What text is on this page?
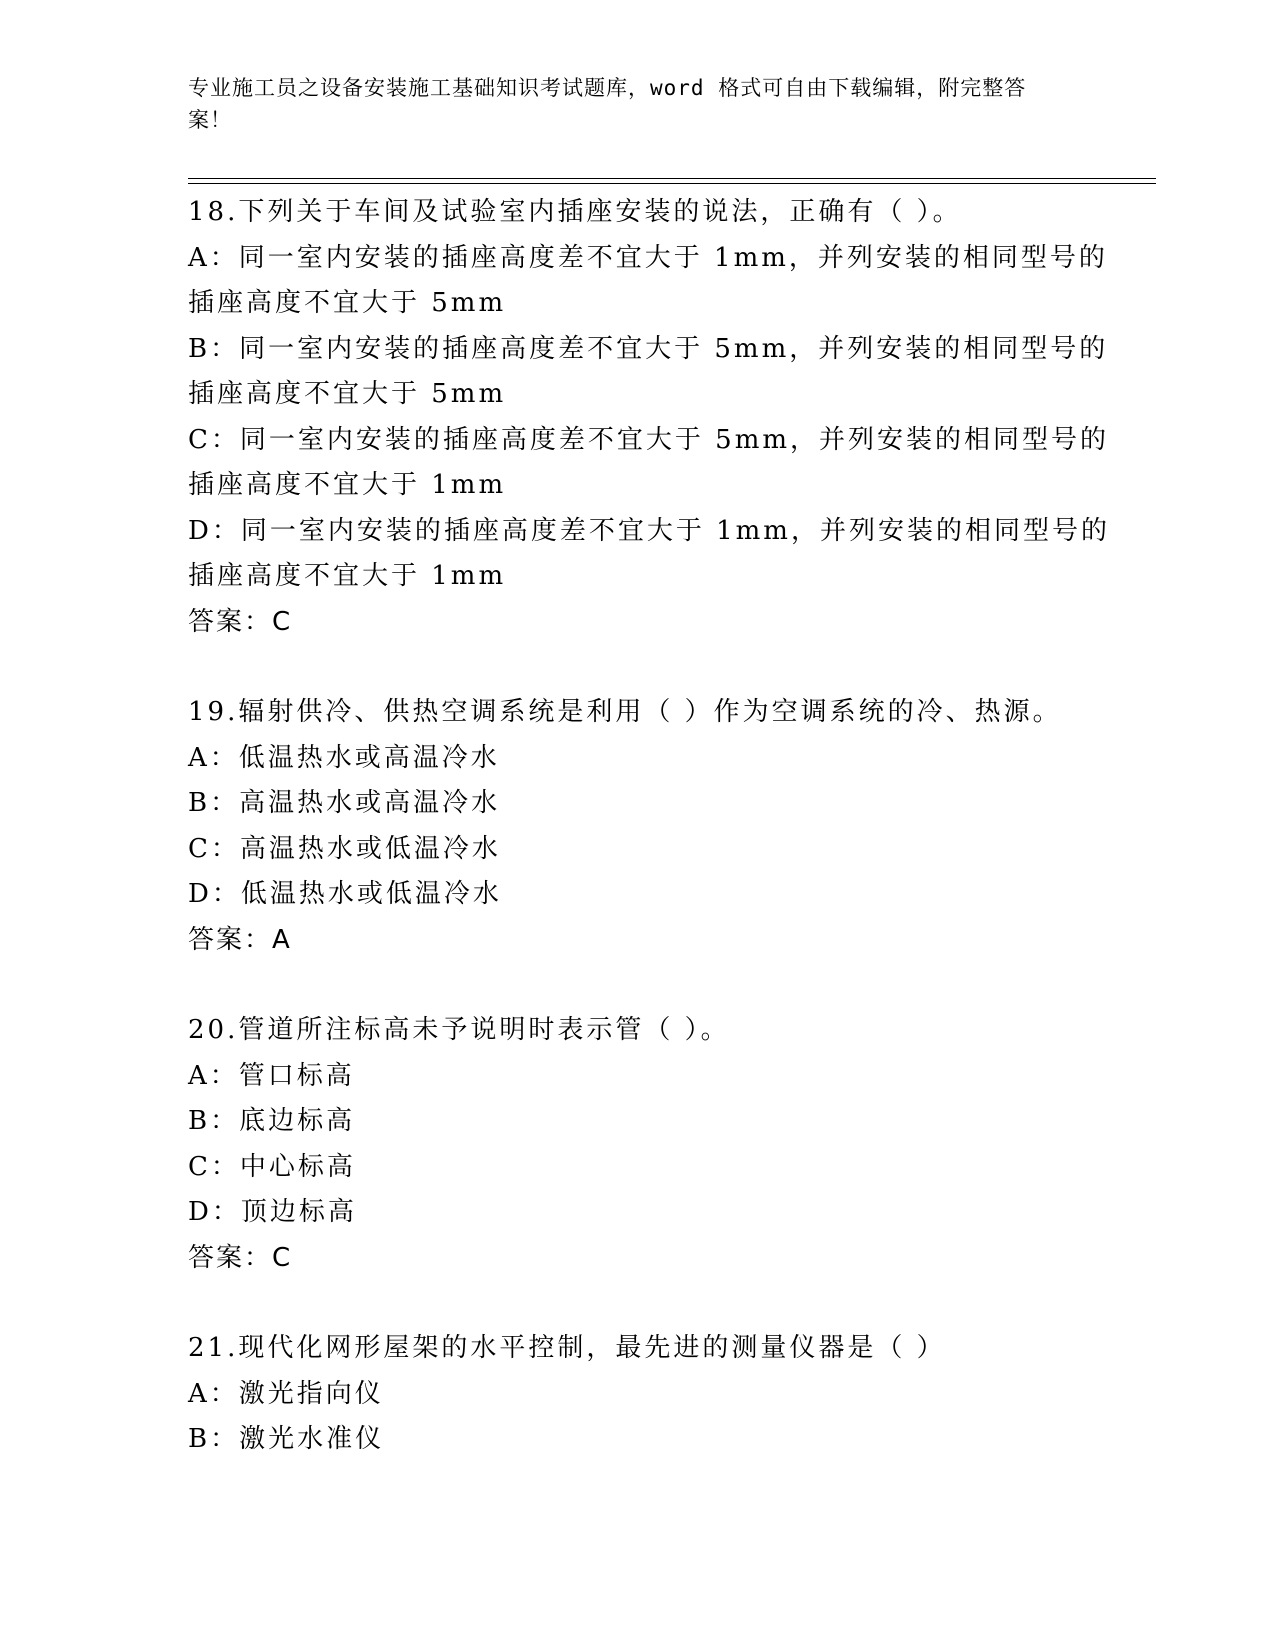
专业施工员之设备安装施工基础知识考试题库，word 格式可自由下载编辑，附完整答案！
18.下列关于车间及试验室内插座安装的说法，正确有（ ）。
A：同一室内安装的插座高度差不宜大于 1mm，并列安装的相同型号的
插座高度不宜大于 5mm
B：同一室内安装的插座高度差不宜大于 5mm，并列安装的相同型号的
插座高度不宜大于 5mm
C：同一室内安装的插座高度差不宜大于 5mm，并列安装的相同型号的
插座高度不宜大于 1mm
D：同一室内安装的插座高度差不宜大于 1mm，并列安装的相同型号的
插座高度不宜大于 1mm
答案：C
19.辐射供冷、供热空调系统是利用（ ）作为空调系统的冷、热源。
A：低温热水或高温冷水
B：高温热水或高温冷水
C：高温热水或低温冷水
D：低温热水或低温冷水
答案：A
20.管道所注标高未予说明时表示管（ ）。
A：管口标高
B：底边标高
C：中心标高
D：顶边标高
答案：C
21.现代化网形屋架的水平控制，最先进的测量仪器是（ ）
A：激光指向仪
B：激光水准仪
